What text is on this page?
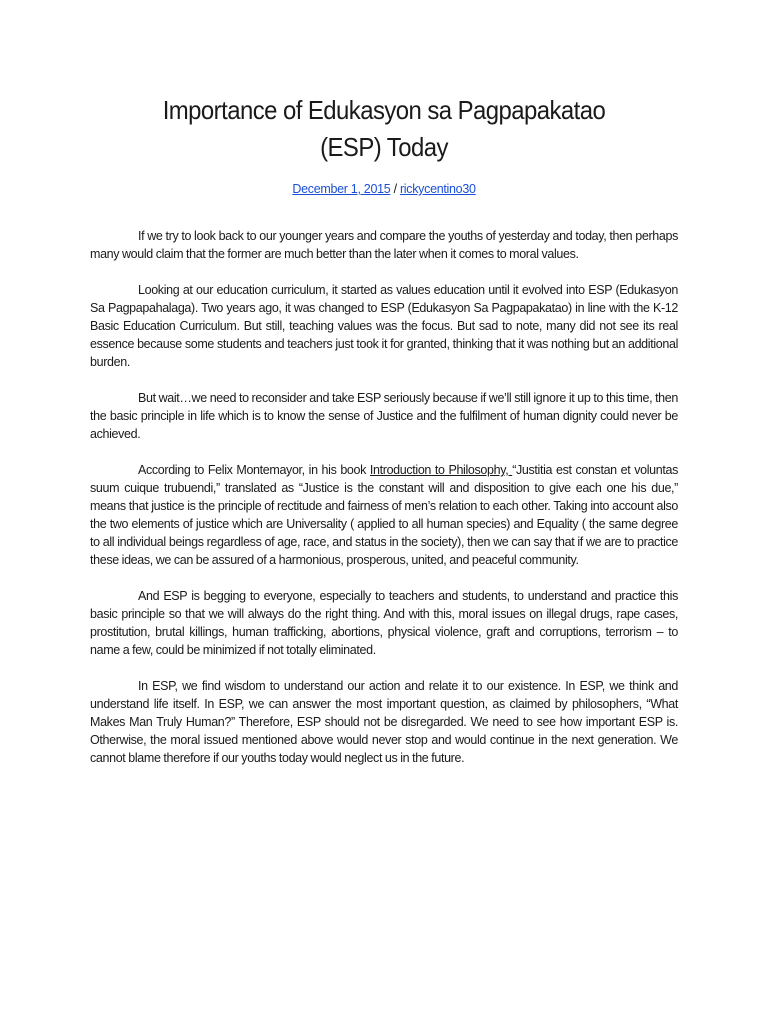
Importance of Edukasyon sa Pagpapakatao
(ESP) Today
December 1, 2015 / rickycentino30

If we try to look back to our younger years and compare the youths of yesterday and today, then perhaps many would claim that the former are much better than the later when it comes to moral values.

Looking at our education curriculum, it started as values education until it evolved into ESP (Edukasyon Sa Pagpapahalaga). Two years ago, it was changed to ESP (Edukasyon Sa Pagpapakatao) in line with the K-12 Basic Education Curriculum. But still, teaching values was the focus. But sad to note, many did not see its real essence because some students and teachers just took it for granted, thinking that it was nothing but an additional burden.

But wait…we need to reconsider and take ESP seriously because if we’ll still ignore it up to this time, then the basic principle in life which is to know the sense of Justice and the fulfilment of human dignity could never be achieved.

According to Felix Montemayor, in his book Introduction to Philosophy, “Justitia est constan et voluntas suum cuique trubuendi,” translated as “Justice is the constant will and disposition to give each one his due,” means that justice is the principle of rectitude and fairness of men’s relation to each other. Taking into account also the two elements of justice which are Universality ( applied to all human species) and Equality ( the same degree to all individual beings regardless of age, race, and status in the society), then we can say that if we are to practice these ideas, we can be assured of a harmonious, prosperous, united, and peaceful community.

And ESP is begging to everyone, especially to teachers and students, to understand and practice this basic principle so that we will always do the right thing. And with this, moral issues on illegal drugs, rape cases, prostitution, brutal killings, human trafficking, abortions, physical violence, graft and corruptions, terrorism – to name a few, could be minimized if not totally eliminated.

In ESP, we find wisdom to understand our action and relate it to our existence. In ESP, we think and understand life itself. In ESP, we can answer the most important question, as claimed by philosophers, “What Makes Man Truly Human?” Therefore, ESP should not be disregarded. We need to see how important ESP is. Otherwise, the moral issued mentioned above would never stop and would continue in the next generation. We cannot blame therefore if our youths today would neglect us in the future.
